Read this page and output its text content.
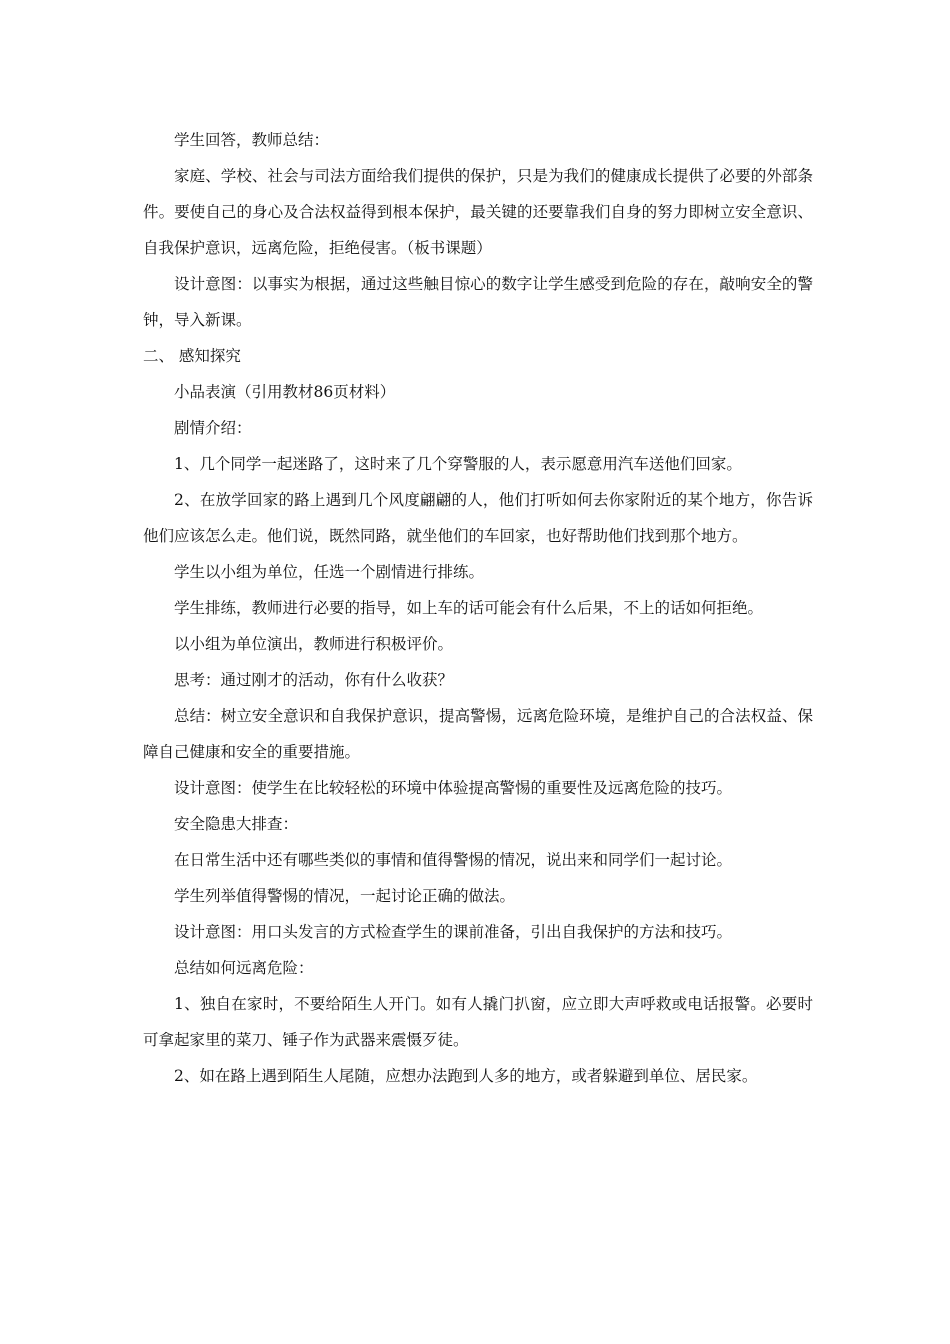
学生回答，教师总结：

家庭、学校、社会与司法方面给我们提供的保护，只是为我们的健康成长提供了必要的外部条件。要使自己的身心及合法权益得到根本保护，最关键的还要靠我们自身的努力即树立安全意识、自我保护意识，远离危险，拒绝侵害。（板书课题）

设计意图：以事实为根据，通过这些触目惊心的数字让学生感受到危险的存在，敲响安全的警钟，导入新课。

二、 感知探究

小品表演（引用教材86页材料）

剧情介绍：

1、几个同学一起迷路了，这时来了几个穿警服的人，表示愿意用汽车送他们回家。

2、在放学回家的路上遇到几个风度翩翩的人，他们打听如何去你家附近的某个地方，你告诉他们应该怎么走。他们说，既然同路，就坐他们的车回家，也好帮助他们找到那个地方。

学生以小组为单位，任选一个剧情进行排练。

学生排练，教师进行必要的指导，如上车的话可能会有什么后果，不上的话如何拒绝。

以小组为单位演出，教师进行积极评价。

思考：通过刚才的活动，你有什么收获？

总结：树立安全意识和自我保护意识，提高警惕，远离危险环境，是维护自己的合法权益、保障自己健康和安全的重要措施。

设计意图：使学生在比较轻松的环境中体验提高警惕的重要性及远离危险的技巧。

安全隐患大排查：

在日常生活中还有哪些类似的事情和值得警惕的情况，说出来和同学们一起讨论。

学生列举值得警惕的情况，一起讨论正确的做法。

设计意图：用口头发言的方式检查学生的课前准备，引出自我保护的方法和技巧。

总结如何远离危险：

1、独自在家时，不要给陌生人开门。如有人撬门扒窗，应立即大声呼救或电话报警。必要时可拿起家里的菜刀、锤子作为武器来震慑歹徒。

2、如在路上遇到陌生人尾随，应想办法跑到人多的地方，或者躲避到单位、居民家。
